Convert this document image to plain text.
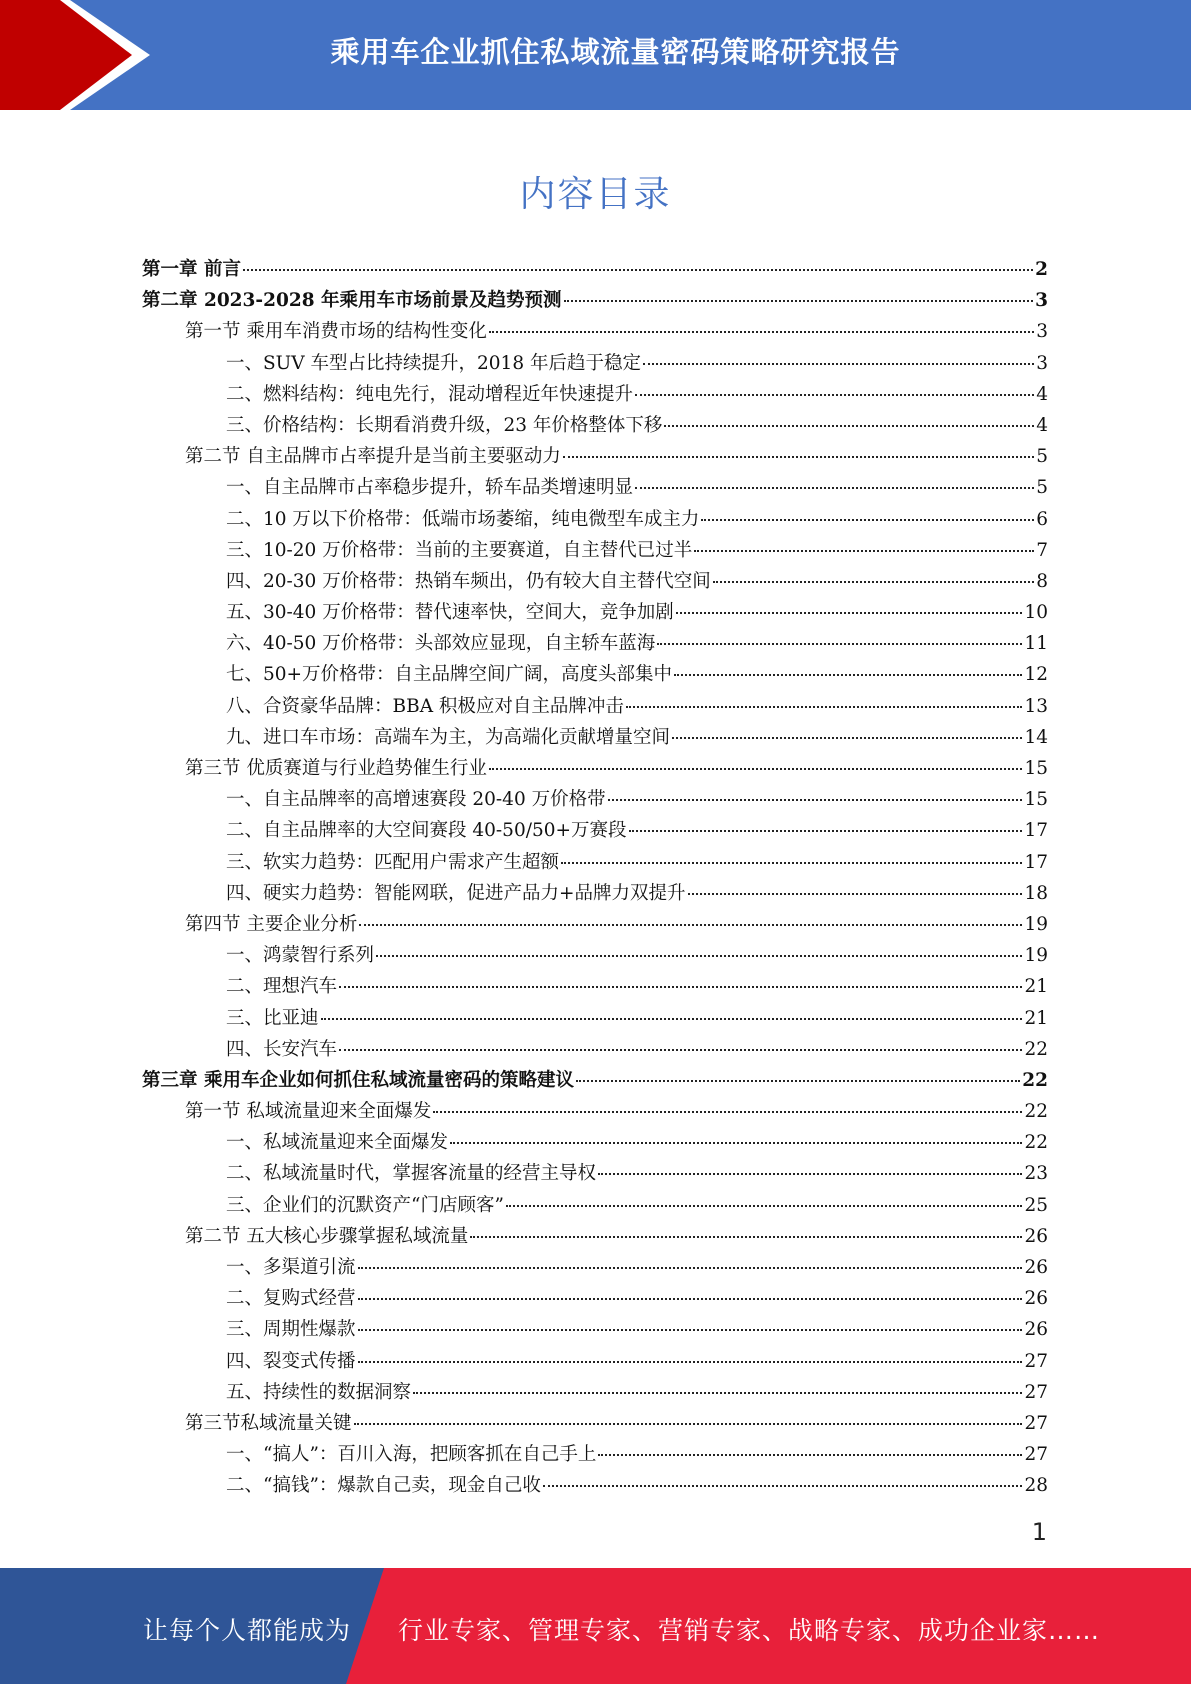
乘用车企业抓住私域流量密码策略研究报告
内容目录
第一章 前言	2
第二章 2023-2028 年乘用车市场前景及趋势预测	3
第一节 乘用车消费市场的结构性变化	3
一、SUV 车型占比持续提升，2018 年后趋于稳定	3
二、燃料结构：纯电先行，混动增程近年快速提升	4
三、价格结构：长期看消费升级，23 年价格整体下移	4
第二节 自主品牌市占率提升是当前主要驱动力	5
一、自主品牌市占率稳步提升，轿车品类增速明显	5
二、10 万以下价格带：低端市场萎缩，纯电微型车成主力	6
三、10-20 万价格带：当前的主要赛道，自主替代已过半	7
四、20-30 万价格带：热销车频出，仍有较大自主替代空间	8
五、30-40 万价格带：替代速率快，空间大，竞争加剧	10
六、40-50 万价格带：头部效应显现，自主轿车蓝海	11
七、50+万价格带：自主品牌空间广阔，高度头部集中	12
八、合资豪华品牌：BBA 积极应对自主品牌冲击	13
九、进口车市场：高端车为主，为高端化贡献增量空间	14
第三节 优质赛道与行业趋势催生行业	15
一、自主品牌率的高增速赛段 20-40 万价格带	15
二、自主品牌率的大空间赛段 40-50/50+万赛段	17
三、软实力趋势：匹配用户需求产生超额	17
四、硬实力趋势：智能网联，促进产品力+品牌力双提升	18
第四节 主要企业分析	19
一、鸿蒙智行系列	19
二、理想汽车	21
三、比亚迪	21
四、长安汽车	22
第三章 乘用车企业如何抓住私域流量密码的策略建议	22
第一节 私域流量迎来全面爆发	22
一、私域流量迎来全面爆发	22
二、私域流量时代，掌握客流量的经营主导权	23
三、企业们的沉默资产“门店顾客”	25
第二节 五大核心步骤掌握私域流量	26
一、多渠道引流	26
二、复购式经营	26
三、周期性爆款	26
四、裂变式传播	27
五、持续性的数据洞察	27
第三节私域流量关键	27
一、“搞人”：百川入海，把顾客抓在自己手上	27
二、“搞钱”：爆款自己卖，现金自己收	28
1
让每个人都能成为 行业专家、管理专家、营销专家、战略专家、成功企业家……
